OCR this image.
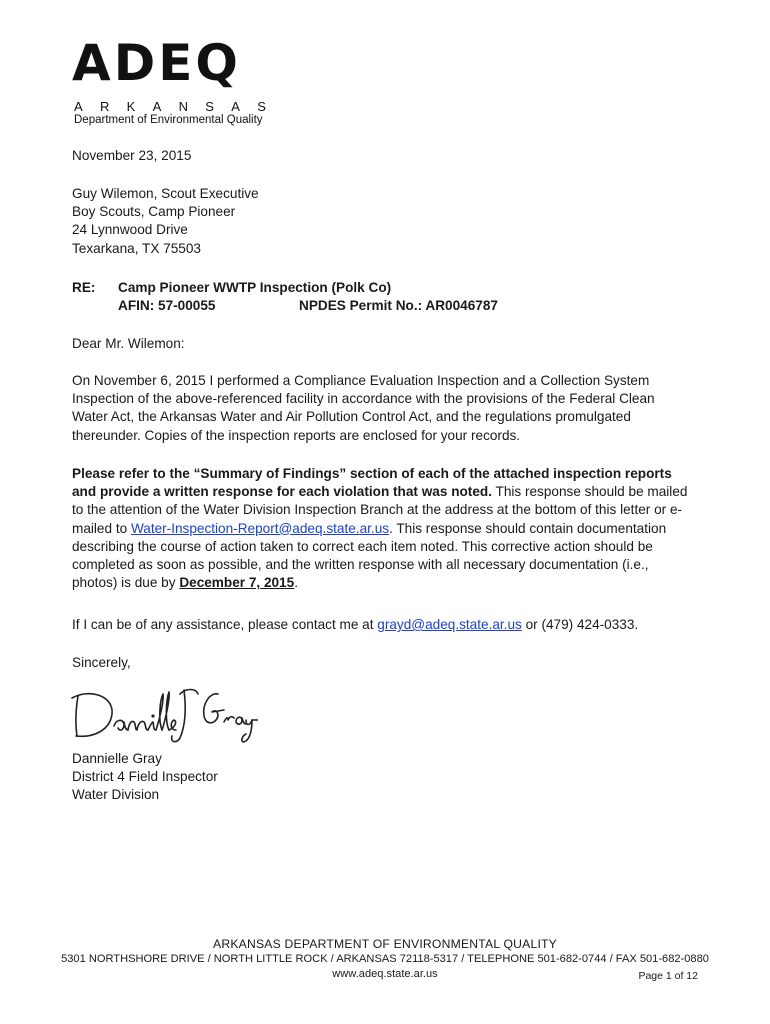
ADEQ
ARKANSAS
Department of Environmental Quality
November 23, 2015
Guy Wilemon, Scout Executive
Boy Scouts, Camp Pioneer
24 Lynnwood Drive
Texarkana, TX 75503
RE: Camp Pioneer WWTP Inspection (Polk Co)
AFIN: 57-00055	NPDES Permit No.: AR0046787
Dear Mr. Wilemon:
On November 6, 2015 I performed a Compliance Evaluation Inspection and a Collection System Inspection of the above-referenced facility in accordance with the provisions of the Federal Clean Water Act, the Arkansas Water and Air Pollution Control Act, and the regulations promulgated thereunder. Copies of the inspection reports are enclosed for your records.
Please refer to the “Summary of Findings” section of each of the attached inspection reports and provide a written response for each violation that was noted. This response should be mailed to the attention of the Water Division Inspection Branch at the address at the bottom of this letter or e-mailed to Water-Inspection-Report@adeq.state.ar.us. This response should contain documentation describing the course of action taken to correct each item noted. This corrective action should be completed as soon as possible, and the written response with all necessary documentation (i.e., photos) is due by December 7, 2015.
If I can be of any assistance, please contact me at grayd@adeq.state.ar.us or (479) 424-0333.
Sincerely,
Dannielle Gray
District 4 Field Inspector
Water Division
ARKANSAS DEPARTMENT OF ENVIRONMENTAL QUALITY
5301 NORTHSHORE DRIVE / NORTH LITTLE ROCK / ARKANSAS 72118-5317 / TELEPHONE 501-682-0744 / FAX 501-682-0880
www.adeq.state.ar.us	Page 1 of 12
